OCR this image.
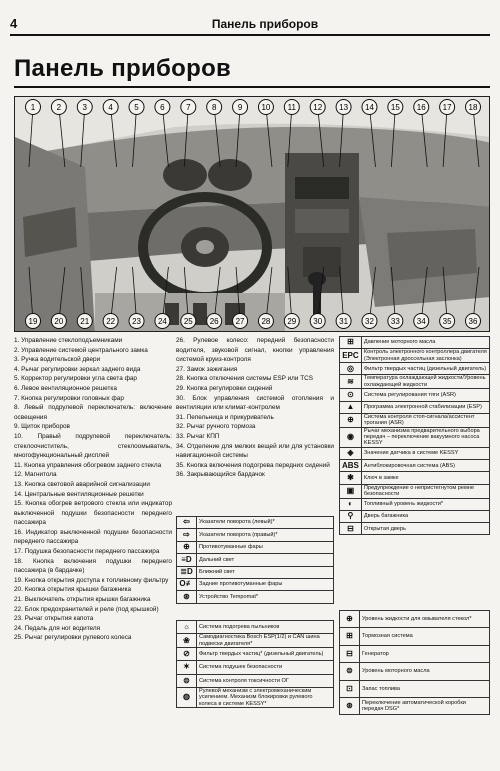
4	Панель приборов
Панель приборов
1	2	3	4	5	6	7	8	9 10 11 12 13 14 15 16 17 18
19 20 21 22 23 24 25 26 27 28 29 30 31 32 33 34 35 36
1. Управление стеклоподъемниками
2. Управление системой центрального замка
3. Ручка водительской двери
4. Рычаг регулировки зеркал заднего вида
5. Корректор регулировки угла света фар
6. Левое вентиляционное решетка
7. Кнопка регулировки головных фар
8. Левый подрулевой переключатель: включение освещения
9. Щиток приборов
10. Правый подрулевой переключатель: стеклоочиститель, стеклоомыватель, многофункциональный дисплей
11. Кнопка управления обогревом заднего стекла
12. Магнитола
13. Кнопка световой аварийной сигнализации
14. Центральные вентиляционные решетки
15. Кнопка обогрев ветрового стекла или индикатор выключенной подушки безопасности переднего пассажира
16. Индикатор выключенной подушки безопасности переднего пассажира
17. Подушка безопасности переднего пассажира
18. Кнопка включения подушки переднего пассажира (в бардачке)
19. Кнопка открытия доступа к топливному фильтру
20. Кнопка открытия крышки багажника
21. Выключатель открытия крышки багажника
22. Блок предохранителей и реле (под крышкой)
23. Рычаг открытия капота
24. Педаль для ног водителя
25. Рычаг регулировки рулевого колеса
26. Рулевое колесо: передний безопасности водителя, звуковой сигнал, кнопки управления системой круиз-контроля
27. Замок зажигания
28. Кнопка отключения системы ESP или TCS
29. Кнопка регулировки сидений
30. Блок управления системой отопления и вентиляции или климат-контролем
31. Пепельница и прикуриватель
32. Рычаг ручного тормоза
33. Рычаг КПП
34. Отделение для мелких вещей или для установки навигационной системы
35. Кнопка включения подогрева передних сидений
36. Закрывающийся бардачок
⊞	Давление моторного масла
EPC	Контроль электронного контроллера двигателя (Электронная дроссельная заслонка)
◎	Фильтр твердых частиц (дизельный двигатель)
≋	Температура охлаждающей жидкости/Уровень охлаждающей жидкости
⊙	Система регулирования тяги (ASR)
▲	Программа электронной стабилизации (ESP)
⊕	Система контроля стоп-сигнала/ассистент трогания (ASR)
◉	Рычаг механизма предварительного выбора передач – переключение вакуумного насоса KESSY
◈	Значение датчика в системе KESSY
ABS	Антиблокировочная система (ABS)
✱	Ключ в замке
▣	Предупреждение о непристегнутом ремне безопасности
◐	Топливный уровень жидкости*
⚲	Дверь багажника
⊟	Открытая дверь
⇦	Указатели поворота (левый)*
⇨	Указатели поворота (правый)*
⊕	Противотуманные фары
≡D	Дальний свет
≣D	Ближний свет
O≢	Задние противотуманные фары
⊛	Устройство Tempomat*
☼	Система подогрева пыльников
❀	Самодиагностика Bosch ESP(1/2) и CAN шина подвески двигателя*
⊘	Фильтр твердых частиц* (дизельный двигатель)
✶	Система подушек безопасности
⊜	Система контроля токсичности ОГ
◍	Рулевой механизм с электромеханическим усилением. Механизм блокировки рулевого колеса в системе KESSY*
⊕	Уровень жидкости для омывателя стекол*
⊞	Тормозная система
⊟	Генератор
⊜	Уровень моторного масла
⊡	Запас топлива
⊛	Переключение автоматической коробки передач DSG*
